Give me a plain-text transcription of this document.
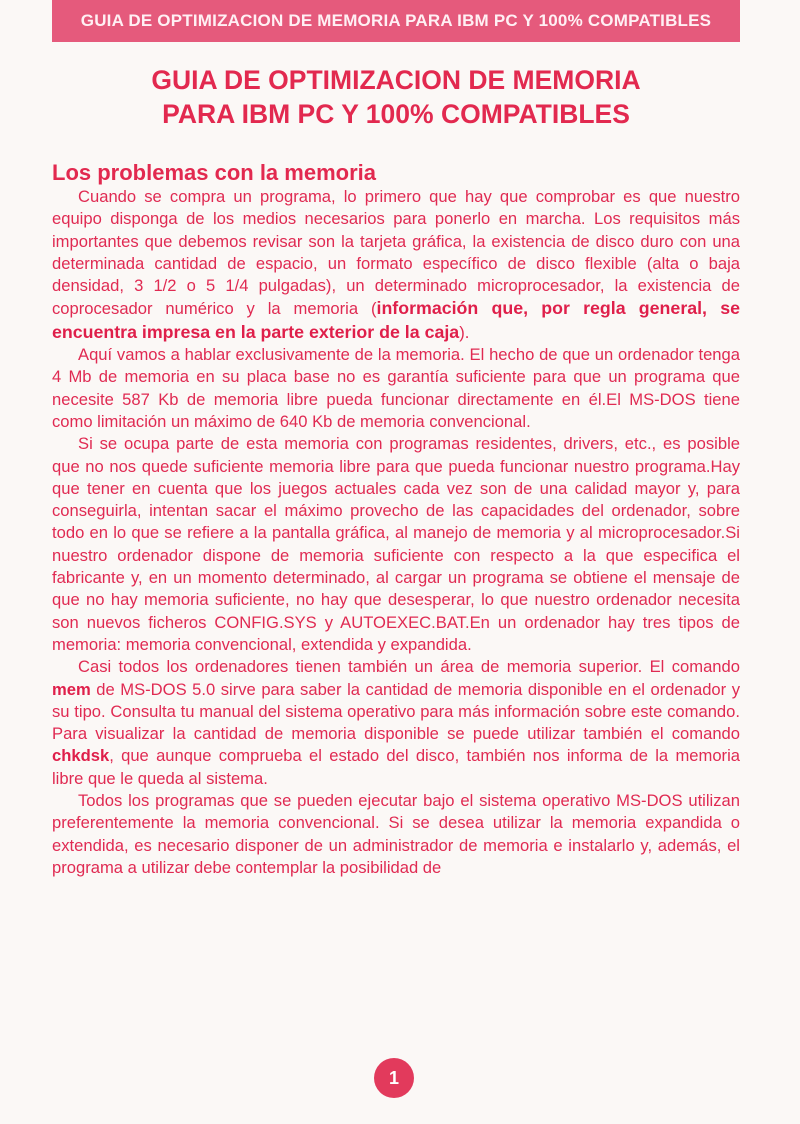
GUIA DE OPTIMIZACION DE MEMORIA PARA IBM PC Y 100% COMPATIBLES
GUIA DE OPTIMIZACION DE MEMORIA
PARA IBM PC Y 100% COMPATIBLES
Los problemas con la memoria

Cuando se compra un programa, lo primero que hay que comprobar es que nuestro equipo disponga de los medios necesarios para ponerlo en marcha. Los requisitos más importantes que debemos revisar son la tarjeta gráfica, la existencia de disco duro con una determinada cantidad de espacio, un formato específico de disco flexible (alta o baja densidad, 3 1/2 o 5 1/4 pulgadas), un determinado microprocesador, la existencia de coprocesador numérico y la memoria (información que, por regla general, se encuentra impresa en la parte exterior de la caja).

Aquí vamos a hablar exclusivamente de la memoria. El hecho de que un ordenador tenga 4 Mb de memoria en su placa base no es garantía suficiente para que un programa que necesite 587 Kb de memoria libre pueda funcionar directamente en él.El MS-DOS tiene como limitación un máximo de 640 Kb de memoria convencional.

Si se ocupa parte de esta memoria con programas residentes, drivers, etc., es posible que no nos quede suficiente memoria libre para que pueda funcionar nuestro programa.Hay que tener en cuenta que los juegos actuales cada vez son de una calidad mayor y, para conseguirla, intentan sacar el máximo provecho de las capacidades del ordenador, sobre todo en lo que se refiere a la pantalla gráfica, al manejo de memoria y al microprocesador.Si nuestro ordenador dispone de memoria suficiente con respecto a la que especifica el fabricante y, en un momento determinado, al cargar un programa se obtiene el mensaje de que no hay memoria suficiente, no hay que desesperar, lo que nuestro ordenador necesita son nuevos ficheros CONFIG.SYS y AUTOEXEC.BAT.En un ordenador hay tres tipos de memoria: memoria convencional, extendida y expandida.

Casi todos los ordenadores tienen también un área de memoria superior. El comando mem de MS-DOS 5.0 sirve para saber la cantidad de memoria disponible en el ordenador y su tipo. Consulta tu manual del sistema operativo para más información sobre este comando. Para visualizar la cantidad de memoria disponible se puede utilizar también el comando chkdsk, que aunque comprueba el estado del disco, también nos informa de la memoria libre que le queda al sistema.

Todos los programas que se pueden ejecutar bajo el sistema operativo MS-DOS utilizan preferentemente la memoria convencional. Si se desea utilizar la memoria expandida o extendida, es necesario disponer de un administrador de memoria e instalarlo y, además, el programa a utilizar debe contemplar la posibilidad de

1
